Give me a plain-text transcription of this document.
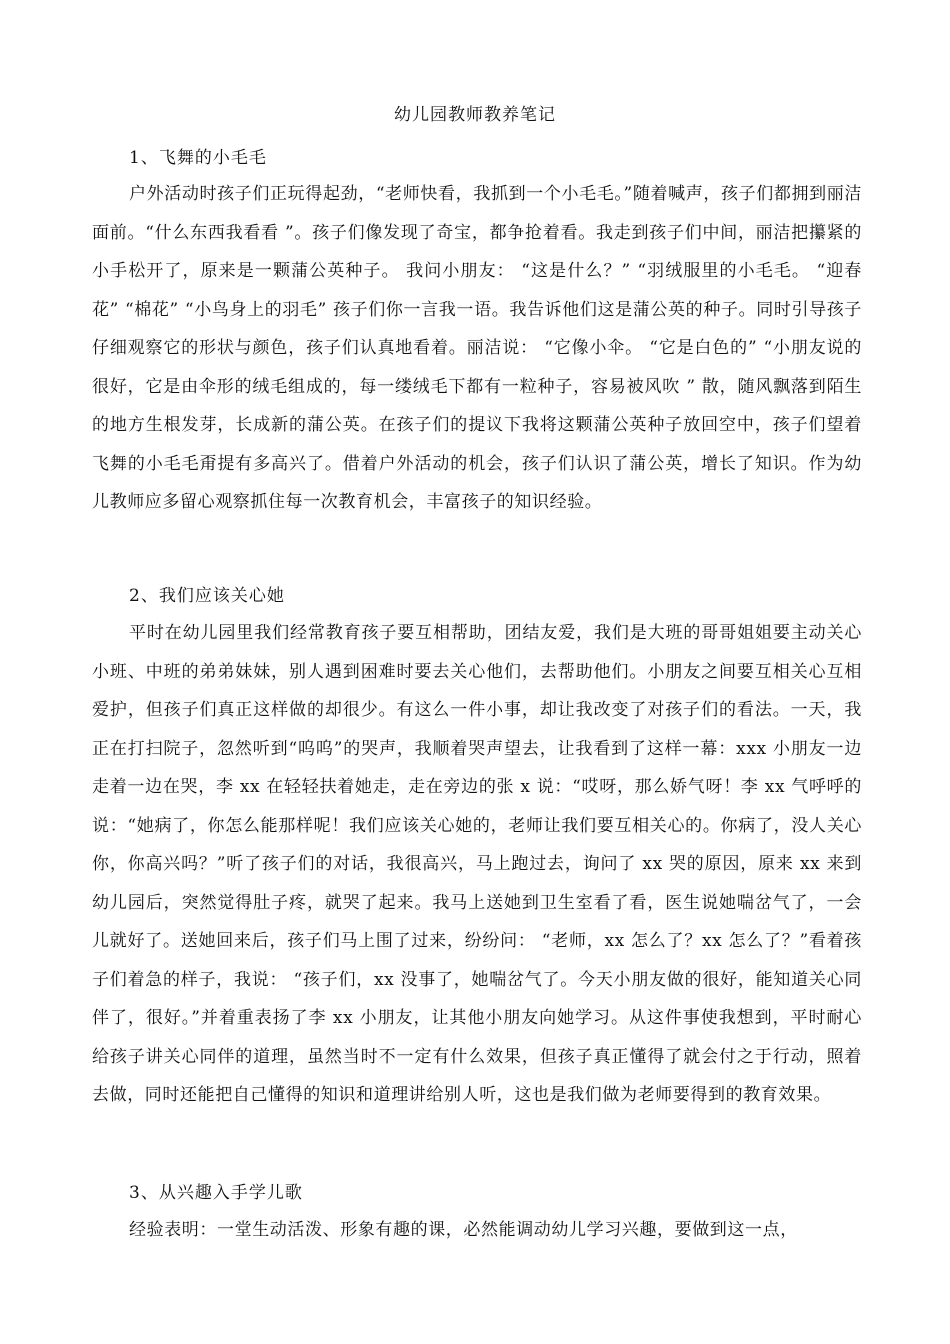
幼儿园教师教养笔记

1、飞舞的小毛毛

户外活动时孩子们正玩得起劲，“老师快看，我抓到一个小毛毛。”随着喊声，孩子们都拥到丽洁面前。“什么东西我看看 ”。孩子们像发现了奇宝，都争抢着看。我走到孩子们中间，丽洁把攥紧的小手松开了，原来是一颗蒲公英种子。 我问小朋友： “这是什么？” “羽绒服里的小毛毛。 “迎春花” “棉花” “小鸟身上的羽毛” 孩子们你一言我一语。我告诉他们这是蒲公英的种子。同时引导孩子仔细观察它的形状与颜色，孩子们认真地看着。丽洁说： “它像小伞。 “它是白色的” “小朋友说的很好，它是由伞形的绒毛组成的，每一缕绒毛下都有一粒种子，容易被风吹 ” 散，随风飘落到陌生的地方生根发芽，长成新的蒲公英。在孩子们的提议下我将这颗蒲公英种子放回空中，孩子们望着飞舞的小毛毛甭提有多高兴了。借着户外活动的机会，孩子们认识了蒲公英，增长了知识。作为幼儿教师应多留心观察抓住每一次教育机会，丰富孩子的知识经验。

2、我们应该关心她

平时在幼儿园里我们经常教育孩子要互相帮助，团结友爱，我们是大班的哥哥姐姐要主动关心小班、中班的弟弟妹妹，别人遇到困难时要去关心他们，去帮助他们。小朋友之间要互相关心互相爱护，但孩子们真正这样做的却很少。有这么一件小事，却让我改变了对孩子们的看法。一天，我正在打扫院子，忽然听到“呜呜”的哭声，我顺着哭声望去，让我看到了这样一幕：xxx 小朋友一边走着一边在哭，李 xx 在轻轻扶着她走，走在旁边的张 x 说：“哎呀，那么娇气呀！李 xx 气呼呼的说：“她病了，你怎么能那样呢！我们应该关心她的，老师让我们要互相关心的。你病了，没人关心你，你高兴吗？”听了孩子们的对话，我很高兴，马上跑过去，询问了 xx 哭的原因，原来 xx 来到幼儿园后，突然觉得肚子疼，就哭了起来。我马上送她到卫生室看了看，医生说她喘岔气了，一会儿就好了。送她回来后，孩子们马上围了过来，纷纷问： “老师，xx 怎么了？xx 怎么了？”看着孩子们着急的样子，我说： “孩子们，xx 没事了，她喘岔气了。今天小朋友做的很好，能知道关心同伴了，很好。”并着重表扬了李 xx 小朋友，让其他小朋友向她学习。从这件事使我想到，平时耐心给孩子讲关心同伴的道理，虽然当时不一定有什么效果，但孩子真正懂得了就会付之于行动，照着去做，同时还能把自己懂得的知识和道理讲给别人听，这也是我们做为老师要得到的教育效果。

3、从兴趣入手学儿歌

经验表明：一堂生动活泼、形象有趣的课，必然能调动幼儿学习兴趣，要做到这一点，
